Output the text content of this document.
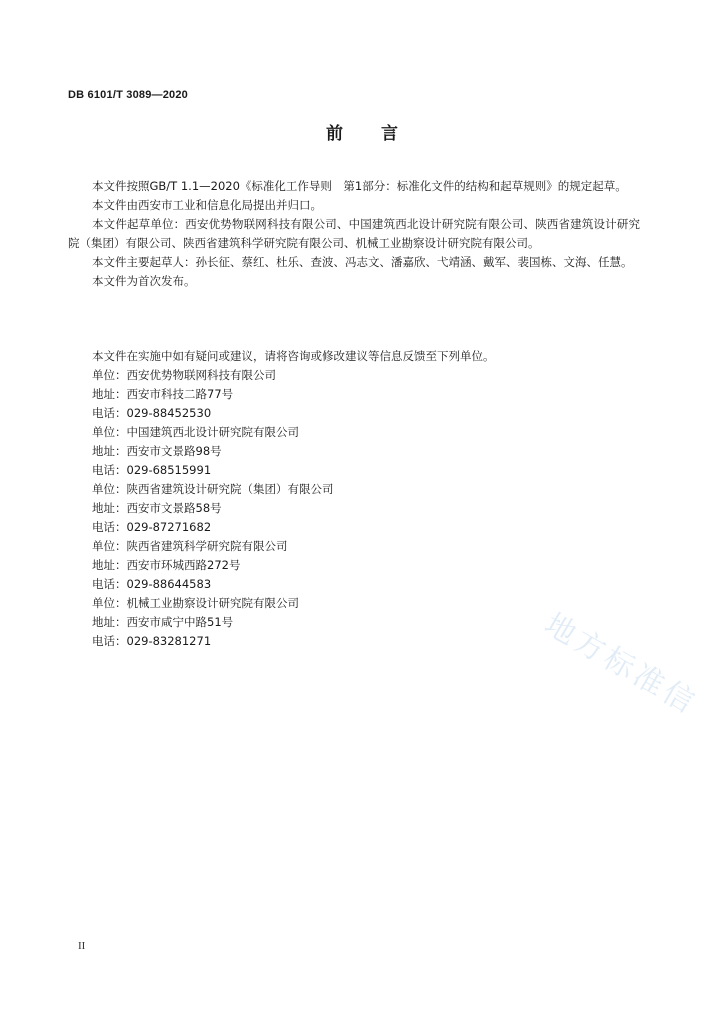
DB 6101/T 3089—2020
前 言

本文件按照GB/T 1.1—2020《标准化工作导则　第1部分：标准化文件的结构和起草规则》的规定起草。

本文件由西安市工业和信息化局提出并归口。

本文件起草单位：西安优势物联网科技有限公司、中国建筑西北设计研究院有限公司、陕西省建筑设计研究院（集团）有限公司、陕西省建筑科学研究院有限公司、机械工业勘察设计研究院有限公司。

本文件主要起草人：孙长征、蔡红、杜乐、查波、冯志文、潘嘉欣、弋靖涵、戴军、裴国栋、文海、任慧。

本文件为首次发布。

本文件在实施中如有疑问或建议，请将咨询或修改建议等信息反馈至下列单位。
单位：西安优势物联网科技有限公司
地址：西安市科技二路77号
电话：029-88452530
单位：中国建筑西北设计研究院有限公司
地址：西安市文景路98号
电话：029-68515991
单位：陕西省建筑设计研究院（集团）有限公司
地址：西安市文景路58号
电话：029-87271682
单位：陕西省建筑科学研究院有限公司
地址：西安市环城西路272号
电话：029-88644583
单位：机械工业勘察设计研究院有限公司
地址：西安市咸宁中路51号
电话：029-83281271	地方标准信
II
